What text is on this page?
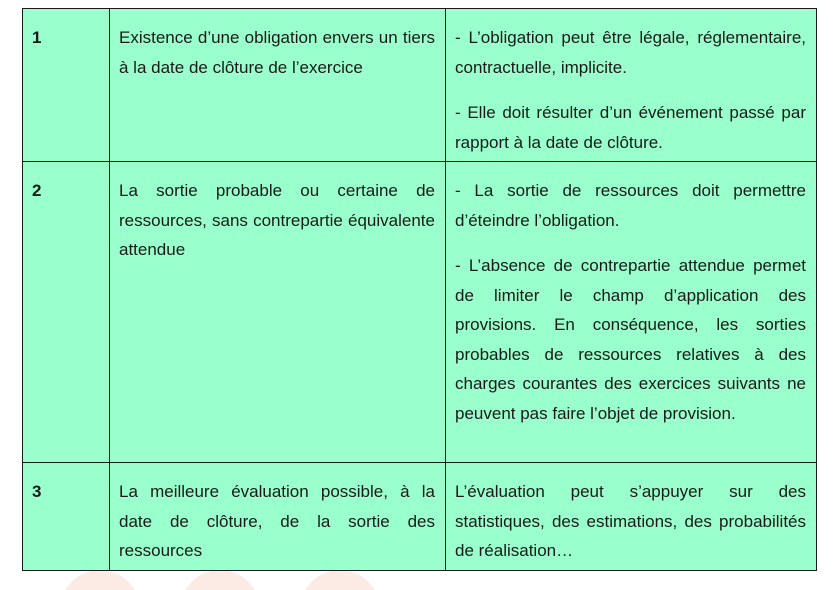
1	Existence d’une obligation envers un tiers à la date de clôture de l’exercice	- L’obligation peut être légale, réglementaire, contractuelle, implicite.

- Elle doit résulter d’un événement passé par rapport à la date de clôture.

2	La sortie probable ou certaine de ressources, sans contrepartie équivalente attendue	- La sortie de ressources doit permettre d’éteindre l’obligation.

- L’absence de contrepartie attendue permet de limiter le champ d’application des provisions. En conséquence, les sorties probables de ressources relatives à des charges courantes des exercices suivants ne peuvent pas faire l’objet de provision.

3	La meilleure évaluation possible, à la date de clôture, de la sortie des ressources	L’évaluation peut s’appuyer sur des statistiques, des estimations, des probabilités de réalisation…
